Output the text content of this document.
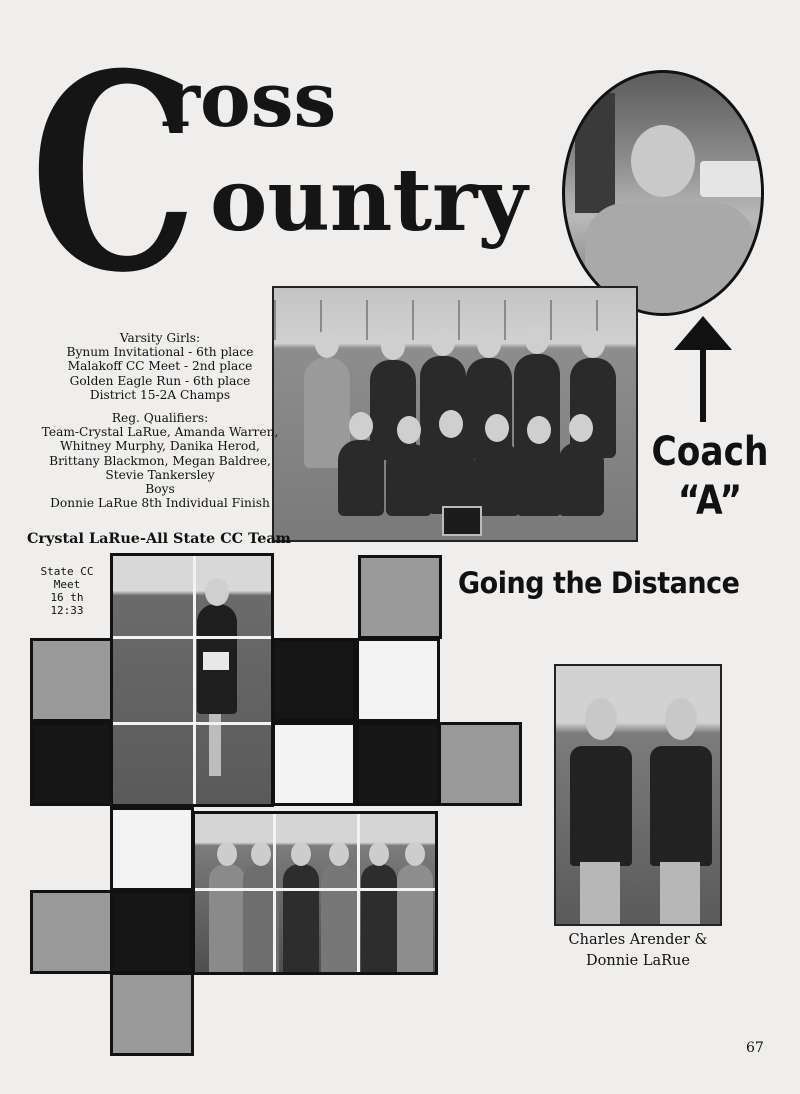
C
ross
ountry
Coach
“A”
Varsity Girls:
Bynum Invitational - 6th place
Malakoff CC Meet - 2nd place
Golden Eagle Run - 6th place
District 15-2A Champs
Reg. Qualifiers:
Team-Crystal LaRue, Amanda Warren,
Whitney Murphy, Danika Herod,
Brittany Blackmon, Megan Baldree,
Stevie Tankersley
Boys
Donnie LaRue 8th Individual Finish
Crystal LaRue-All State CC Team
State CC Meet
16 th
12:33
Going the Distance
Charles Arender &
Donnie LaRue
67
